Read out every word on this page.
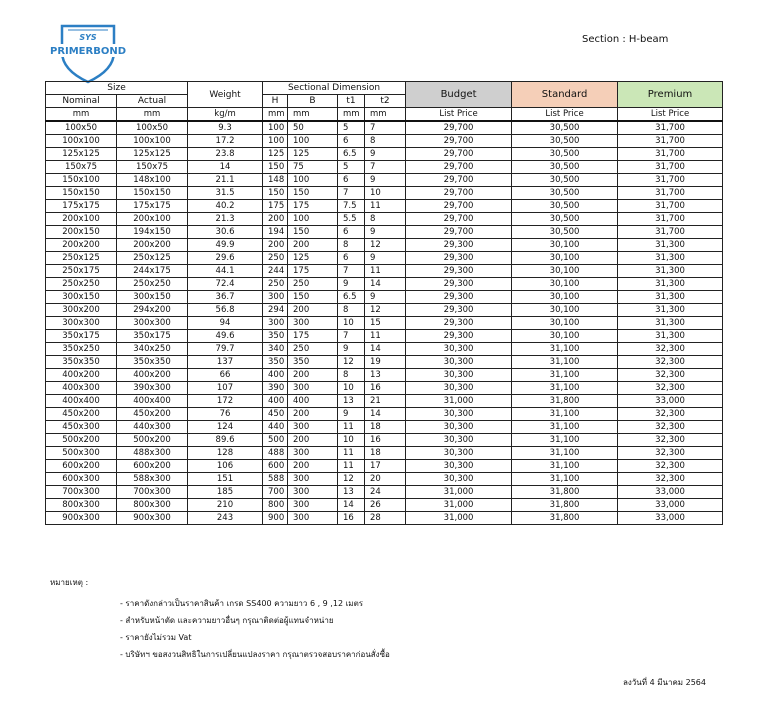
SYS
PRIMERBOND
Section : H-beam
Size		Weight	Sectional Dimension				Budget	Standard	Premium
Nominal	Actual		H	B	t1	t2			
mm	mm	kg/m	mm	mm	mm	mm	List Price	List Price	List Price
100x50	100x50	9.3	100	50	5	7	29,700	30,500	31,700
100x100	100x100	17.2	100	100	6	8	29,700	30,500	31,700
125x125	125x125	23.8	125	125	6.5	9	29,700	30,500	31,700
150x75	150x75	14	150	75	5	7	29,700	30,500	31,700
150x100	148x100	21.1	148	100	6	9	29,700	30,500	31,700
150x150	150x150	31.5	150	150	7	10	29,700	30,500	31,700
175x175	175x175	40.2	175	175	7.5	11	29,700	30,500	31,700
200x100	200x100	21.3	200	100	5.5	8	29,700	30,500	31,700
200x150	194x150	30.6	194	150	6	9	29,700	30,500	31,700
200x200	200x200	49.9	200	200	8	12	29,300	30,100	31,300
250x125	250x125	29.6	250	125	6	9	29,300	30,100	31,300
250x175	244x175	44.1	244	175	7	11	29,300	30,100	31,300
250x250	250x250	72.4	250	250	9	14	29,300	30,100	31,300
300x150	300x150	36.7	300	150	6.5	9	29,300	30,100	31,300
300x200	294x200	56.8	294	200	8	12	29,300	30,100	31,300
300x300	300x300	94	300	300	10	15	29,300	30,100	31,300
350x175	350x175	49.6	350	175	7	11	29,300	30,100	31,300
350x250	340x250	79.7	340	250	9	14	30,300	31,100	32,300
350x350	350x350	137	350	350	12	19	30,300	31,100	32,300
400x200	400x200	66	400	200	8	13	30,300	31,100	32,300
400x300	390x300	107	390	300	10	16	30,300	31,100	32,300
400x400	400x400	172	400	400	13	21	31,000	31,800	33,000
450x200	450x200	76	450	200	9	14	30,300	31,100	32,300
450x300	440x300	124	440	300	11	18	30,300	31,100	32,300
500x200	500x200	89.6	500	200	10	16	30,300	31,100	32,300
500x300	488x300	128	488	300	11	18	30,300	31,100	32,300
600x200	600x200	106	600	200	11	17	30,300	31,100	32,300
600x300	588x300	151	588	300	12	20	30,300	31,100	32,300
700x300	700x300	185	700	300	13	24	31,000	31,800	33,000
800x300	800x300	210	800	300	14	26	31,000	31,800	33,000
900x300	900x300	243	900	300	16	28	31,000	31,800	33,000
หมายเหตุ :
- ราคาดังกล่าวเป็นราคาสินค้า เกรด SS400 ความยาว 6 , 9 ,12 เมตร
- สำหรับหน้าตัด และความยาวอื่นๆ กรุณาติดต่อผู้แทนจำหน่าย
- ราคายังไม่รวม Vat
- บริษัทฯ ขอสงวนสิทธิในการเปลี่ยนแปลงราคา กรุณาตรวจสอบราคาก่อนสั่งซื้อ
ลงวันที่ 4 มีนาคม 2564
